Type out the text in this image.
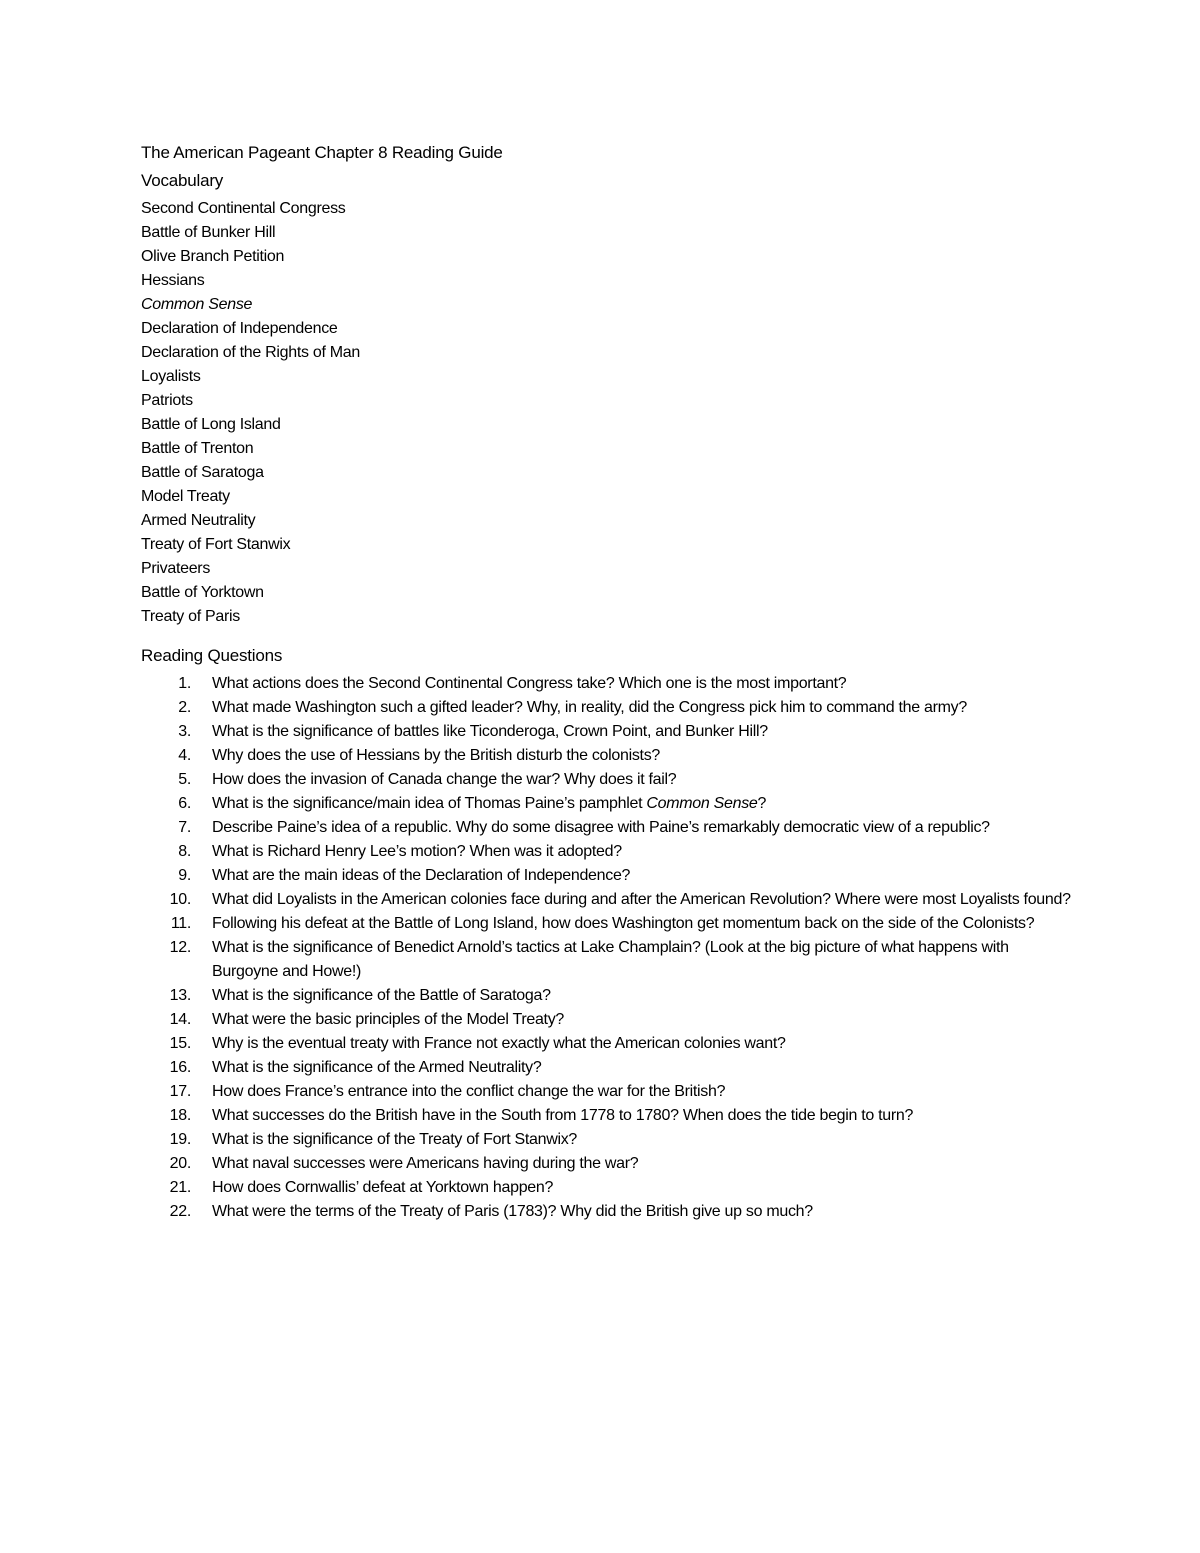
The American Pageant Chapter 8 Reading Guide
Vocabulary
Second Continental Congress
Battle of Bunker Hill
Olive Branch Petition
Hessians
Common Sense
Declaration of Independence
Declaration of the Rights of Man
Loyalists
Patriots
Battle of Long Island
Battle of Trenton
Battle of Saratoga
Model Treaty
Armed Neutrality
Treaty of Fort Stanwix
Privateers
Battle of Yorktown
Treaty of Paris
Reading Questions
1. What actions does the Second Continental Congress take? Which one is the most important?
2. What made Washington such a gifted leader? Why, in reality, did the Congress pick him to command the army?
3. What is the significance of battles like Ticonderoga, Crown Point, and Bunker Hill?
4. Why does the use of Hessians by the British disturb the colonists?
5. How does the invasion of Canada change the war? Why does it fail?
6. What is the significance/main idea of Thomas Paine’s pamphlet Common Sense?
7. Describe Paine’s idea of a republic. Why do some disagree with Paine’s remarkably democratic view of a republic?
8. What is Richard Henry Lee’s motion? When was it adopted?
9. What are the main ideas of the Declaration of Independence?
10. What did Loyalists in the American colonies face during and after the American Revolution? Where were most Loyalists found?
11. Following his defeat at the Battle of Long Island, how does Washington get momentum back on the side of the Colonists?
12. What is the significance of Benedict Arnold’s tactics at Lake Champlain? (Look at the big picture of what happens with Burgoyne and Howe!)
13. What is the significance of the Battle of Saratoga?
14. What were the basic principles of the Model Treaty?
15. Why is the eventual treaty with France not exactly what the American colonies want?
16. What is the significance of the Armed Neutrality?
17. How does France’s entrance into the conflict change the war for the British?
18. What successes do the British have in the South from 1778 to 1780? When does the tide begin to turn?
19. What is the significance of the Treaty of Fort Stanwix?
20. What naval successes were Americans having during the war?
21. How does Cornwallis’ defeat at Yorktown happen?
22. What were the terms of the Treaty of Paris (1783)? Why did the British give up so much?
